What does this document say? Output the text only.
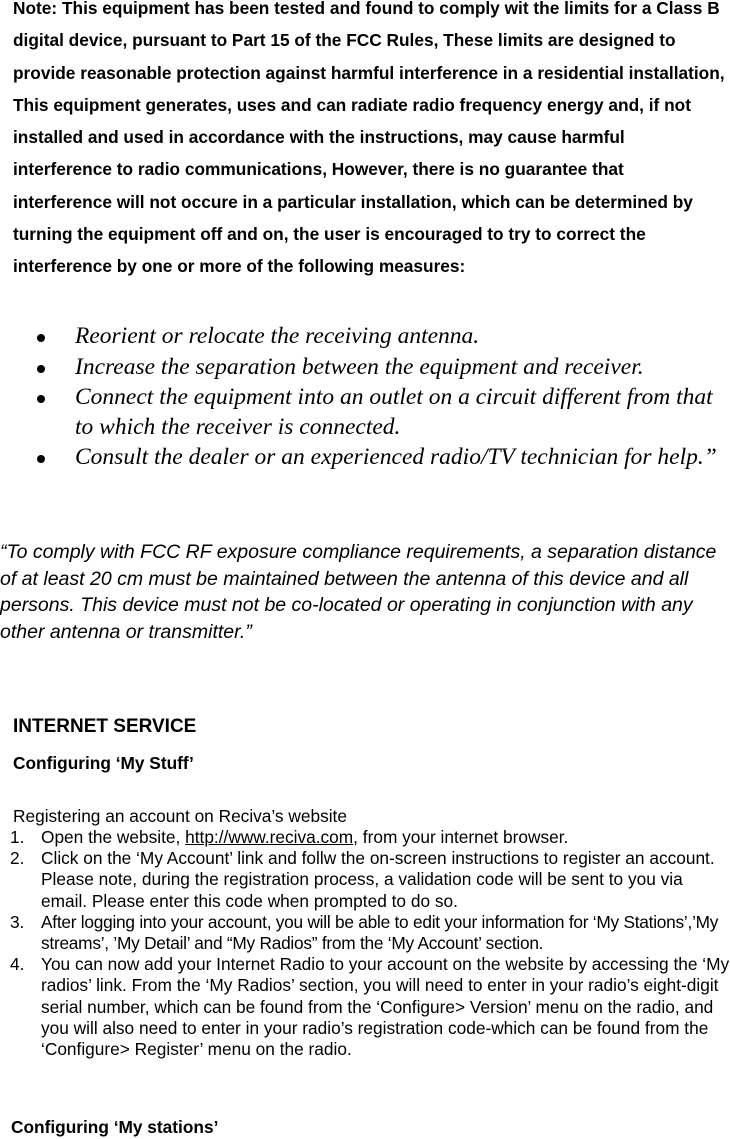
Note: This equipment has been tested and found to comply wit the limits for a Class B digital device, pursuant to Part 15 of the FCC Rules, These limits are designed to provide reasonable protection against harmful interference in a residential installation, This equipment generates, uses and can radiate radio frequency energy and, if not installed and used in accordance with the instructions, may cause harmful interference to radio communications, However, there is no guarantee that interference will not occure in a particular installation, which can be determined by turning the equipment off and on, the user is encouraged to try to correct the interference by one or more of the following measures:

Reorient or relocate the receiving antenna.
Increase the separation between the equipment and receiver.
Connect the equipment into an outlet on a circuit different from that to which the receiver is connected.
Consult the dealer or an experienced radio/TV technician for help.”

“To comply with FCC RF exposure compliance requirements, a separation distance of at least 20 cm must be maintained between the antenna of this device and all persons. This device must not be co-located or operating in conjunction with any other antenna or transmitter.”

INTERNET SERVICE
Configuring ‘My Stuff’

Registering an account on Reciva’s website

1. Open the website, http://www.reciva.com, from your internet browser.
2. Click on the ‘My Account’ link and follw the on-screen instructions to register an account. Please note, during the registration process, a validation code will be sent to you via email. Please enter this code when prompted to do so.
3. After logging into your account, you will be able to edit your information for ‘My Stations’,’My streams’, ’My Detail’ and “My Radios” from the ‘My Account’ section.
4. You can now add your Internet Radio to your account on the website by accessing the ‘My radios’ link. From the ‘My Radios’ section, you will need to enter in your radio’s eight-digit serial number, which can be found from the ‘Configure> Version’ menu on the radio, and you will also need to enter in your radio’s registration code-which can be found from the ‘Configure> Register’ menu on the radio.
Configuring ‘My stations’
